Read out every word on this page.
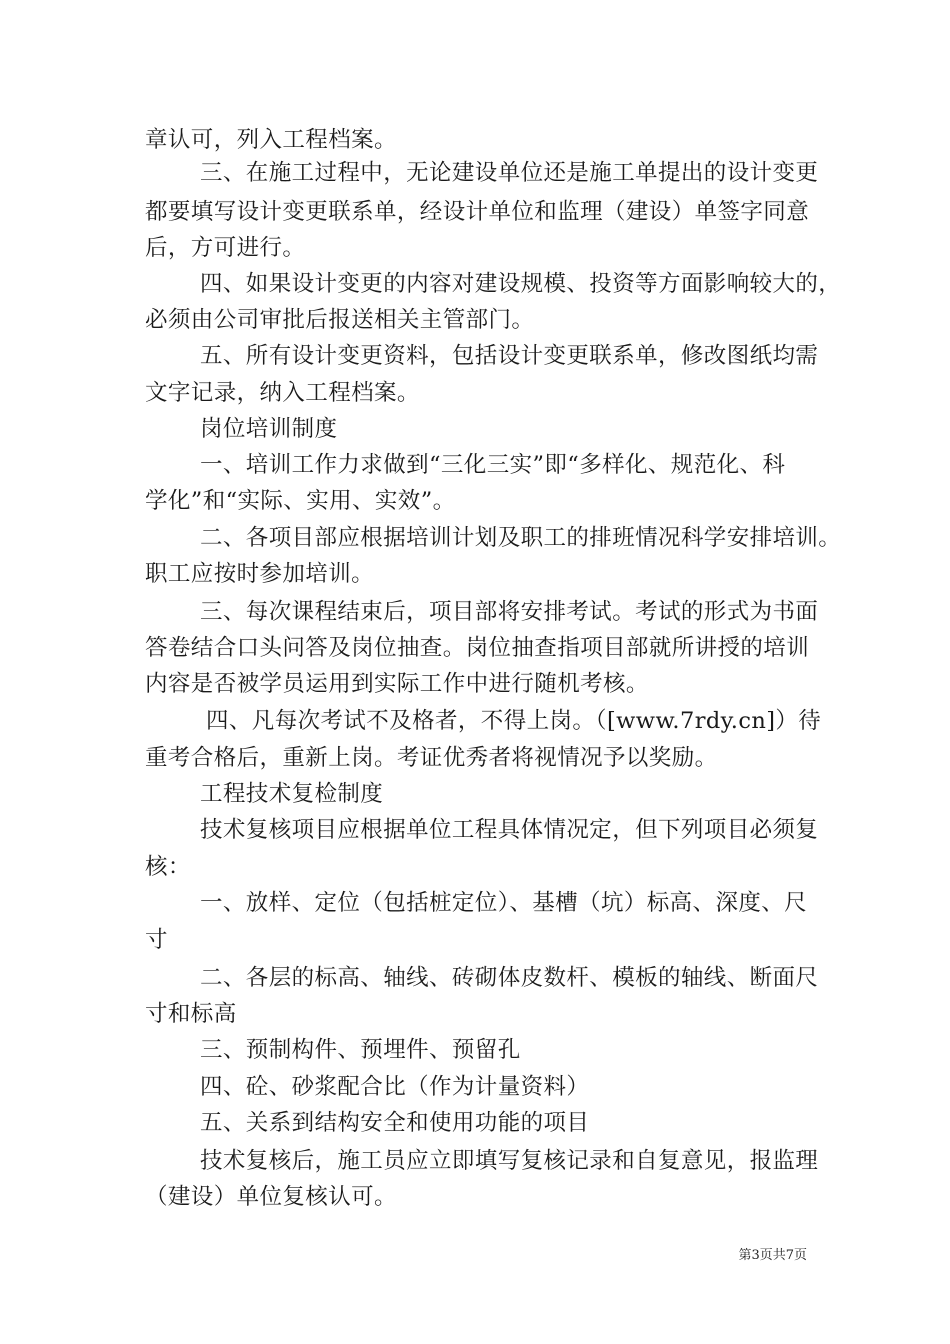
章认可，列入工程档案。
三、在施工过程中，无论建设单位还是施工单提出的设计变更
都要填写设计变更联系单，经设计单位和监理（建设）单签字同意
后，方可进行。
四、如果设计变更的内容对建设规模、投资等方面影响较大的，
必须由公司审批后报送相关主管部门。
五、所有设计变更资料，包括设计变更联系单，修改图纸均需
文字记录，纳入工程档案。
岗位培训制度
一、培训工作力求做到“三化三实”即“多样化、规范化、科
学化”和“实际、实用、实效”。
二、各项目部应根据培训计划及职工的排班情况科学安排培训。
职工应按时参加培训。
三、每次课程结束后，项目部将安排考试。考试的形式为书面
答卷结合口头问答及岗位抽查。岗位抽查指项目部就所讲授的培训
内容是否被学员运用到实际工作中进行随机考核。
四、凡每次考试不及格者，不得上岗。（[www.7rdy.cn]）待
重考合格后，重新上岗。考证优秀者将视情况予以奖励。
工程技术复检制度
技术复核项目应根据单位工程具体情况定，但下列项目必须复
核：
一、放样、定位（包括桩定位）、基槽（坑）标高、深度、尺
寸
二、各层的标高、轴线、砖砌体皮数杆、模板的轴线、断面尺
寸和标高
三、预制构件、预埋件、预留孔
四、砼、砂浆配合比（作为计量资料）
五、关系到结构安全和使用功能的项目
技术复核后，施工员应立即填写复核记录和自复意见，报监理
（建设）单位复核认可。
第3页共7页
